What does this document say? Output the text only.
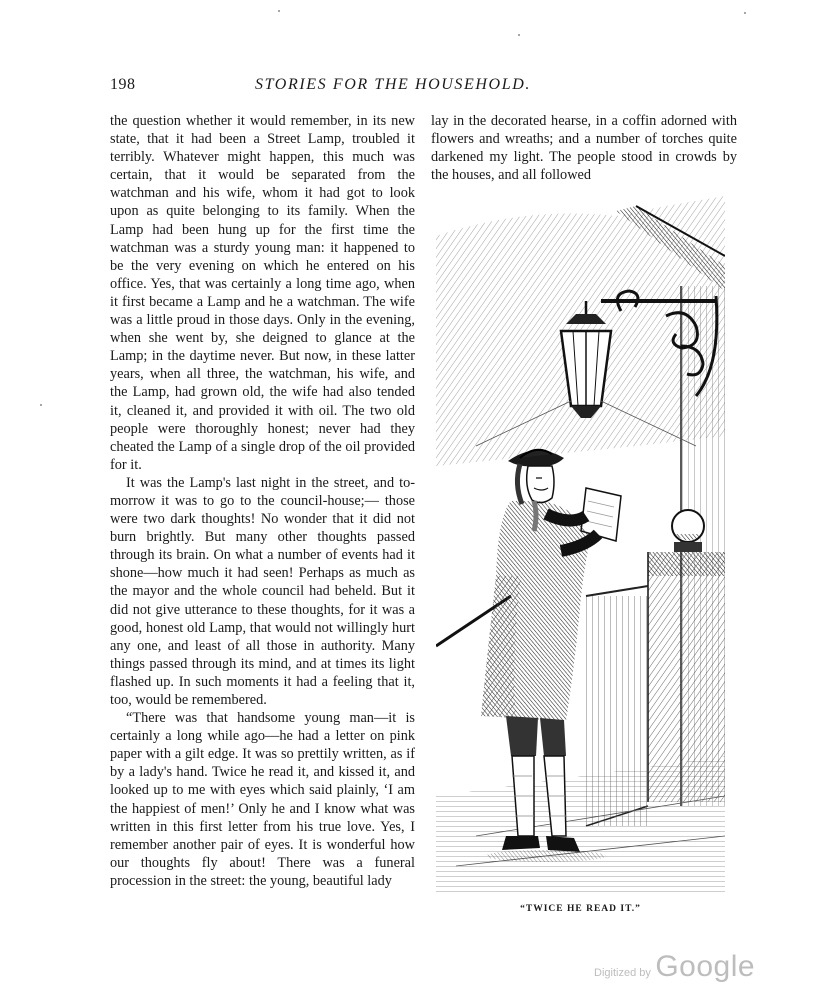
198	STORIES FOR THE HOUSEHOLD.

the question whether it would remember, in its new state, that it had been a Street Lamp, troubled it terribly. Whatever might happen, this much was certain, that it would be separated from the watchman and his wife, whom it had got to look upon as quite belonging to its family. When the Lamp had been hung up for the first time the watchman was a sturdy young man: it happened to be the very evening on which he entered on his office. Yes, that was certainly a long time ago, when it first became a Lamp and he a watchman. The wife was a little proud in those days. Only in the evening, when she went by, she deigned to glance at the Lamp; in the daytime never. But now, in these latter years, when all three, the watchman, his wife, and the Lamp, had grown old, the wife had also tended it, cleaned it, and provided it with oil. The two old people were thoroughly honest; never had they cheated the Lamp of a single drop of the oil provided for it.

It was the Lamp's last night in the street, and to-morrow it was to go to the council-house;— those were two dark thoughts! No wonder that it did not burn brightly. But many other thoughts passed through its brain. On what a number of events had it shone—how much it had seen! Perhaps as much as the mayor and the whole council had beheld. But it did not give utterance to these thoughts, for it was a good, honest old Lamp, that would not willingly hurt any one, and least of all those in authority. Many things passed through its mind, and at times its light flashed up. In such moments it had a feeling that it, too, would be remembered.

“There was that handsome young man—it is certainly a long while ago—he had a letter on pink paper with a gilt edge. It was so prettily written, as if by a lady's hand. Twice he read it, and kissed it, and looked up to me with eyes which said plainly, ‘I am the happiest of men!’ Only he and I know what was written in this first letter from his true love. Yes, I remember another pair of eyes. It is wonderful how our thoughts fly about! There was a funeral procession in the street: the young, beautiful lady

lay in the decorated hearse, in a coffin adorned with flowers and wreaths; and a number of torches quite darkened my light. The people stood in crowds by the houses, and all followed

“TWICE HE READ IT.”
Digitized by Google
